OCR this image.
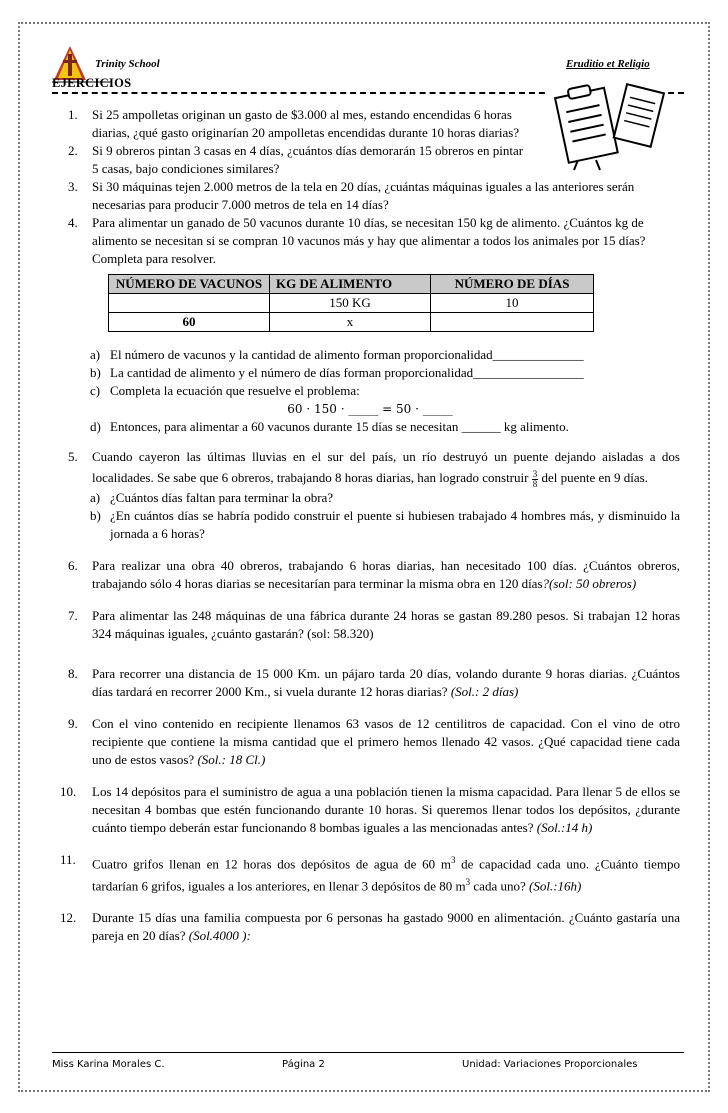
Trinity School	Eruditio et Religio
EJERCICIOS

1. Si 25 ampolletas originan un gasto de $3.000 al mes, estando encendidas 6 horas diarias, ¿qué gasto originarían 20 ampolletas encendidas durante 10 horas diarias?

2. Si 9 obreros pintan 3 casas en 4 días, ¿cuántos días demorarán 15 obreros en pintar 5 casas, bajo condiciones similares?

3. Si 30 máquinas tejen 2.000 metros de la tela en 20 días, ¿cuántas máquinas iguales a las anteriores serán necesarias para producir 7.000 metros de tela en 14 días?

4. Para alimentar un ganado de 50 vacunos durante 10 días, se necesitan 150 kg de alimento. ¿Cuántos kg de alimento se necesitan si se compran 10 vacunos más y hay que alimentar a todos los animales por 15 días? Completa para resolver.

NÚMERO DE VACUNOS	KG DE ALIMENTO	NÚMERO DE DÍAS
	150 KG	10
60	x	

a) El número de vacunos y la cantidad de alimento forman proporcionalidad______________

b) La cantidad de alimento y el número de días forman proporcionalidad_________________

c) Completa la ecuación que resuelve el problema:

60 · 150 · _____ = 50 · _____

d) Entonces, para alimentar a 60 vacunos durante 15 días se necesitan ______ kg alimento.

5. Cuando cayeron las últimas lluvias en el sur del país, un río destruyó un puente dejando aisladas a dos localidades. Se sabe que 6 obreros, trabajando 8 horas diarias, han logrado construir $\frac{3}{8}$ del puente en 9 días.

a) ¿Cuántos días faltan para terminar la obra?

b) ¿En cuántos días se habría podido construir el puente si hubiesen trabajado 4 hombres más, y disminuido la jornada a 6 horas?

6. Para realizar una obra 40 obreros, trabajando 6 horas diarias, han necesitado 100 días. ¿Cuántos obreros, trabajando sólo 4 horas diarias se necesitarían para terminar la misma obra en 120 días?(sol: 50 obreros)

7. Para alimentar las 248 máquinas de una fábrica durante 24 horas se gastan 89.280 pesos. Si trabajan 12 horas 324 máquinas iguales, ¿cuánto gastarán? (sol: 58.320)

8. Para recorrer una distancia de 15 000 Km. un pájaro tarda 20 días, volando durante 9 horas diarias. ¿Cuántos días tardará en recorrer 2000 Km., si vuela durante 12 horas diarias? (Sol.: 2 días)

9. Con el vino contenido en recipiente llenamos 63 vasos de 12 centilitros de capacidad. Con el vino de otro recipiente que contiene la misma cantidad que el primero hemos llenado 42 vasos. ¿Qué capacidad tiene cada uno de estos vasos? (Sol.: 18 Cl.)

10. Los 14 depósitos para el suministro de agua a una población tienen la misma capacidad. Para llenar 5 de ellos se necesitan 4 bombas que estén funcionando durante 10 horas. Si queremos llenar todos los depósitos, ¿durante cuánto tiempo deberán estar funcionando 8 bombas iguales a las mencionadas antes? (Sol.:14 h)

11. Cuatro grifos llenan en 12 horas dos depósitos de agua de 60 $m^3$ de capacidad cada uno. ¿Cuánto tiempo tardarían 6 grifos, iguales a los anteriores, en llenar 3 depósitos de 80 $m^3$ cada uno? (Sol.:16h)

12. Durante 15 días una familia compuesta por 6 personas ha gastado 9000 en alimentación. ¿Cuánto gastaría una pareja en 20 días? (Sol.4000 ):

Miss Karina Morales C.	Página 2	Unidad: Variaciones Proporcionales
